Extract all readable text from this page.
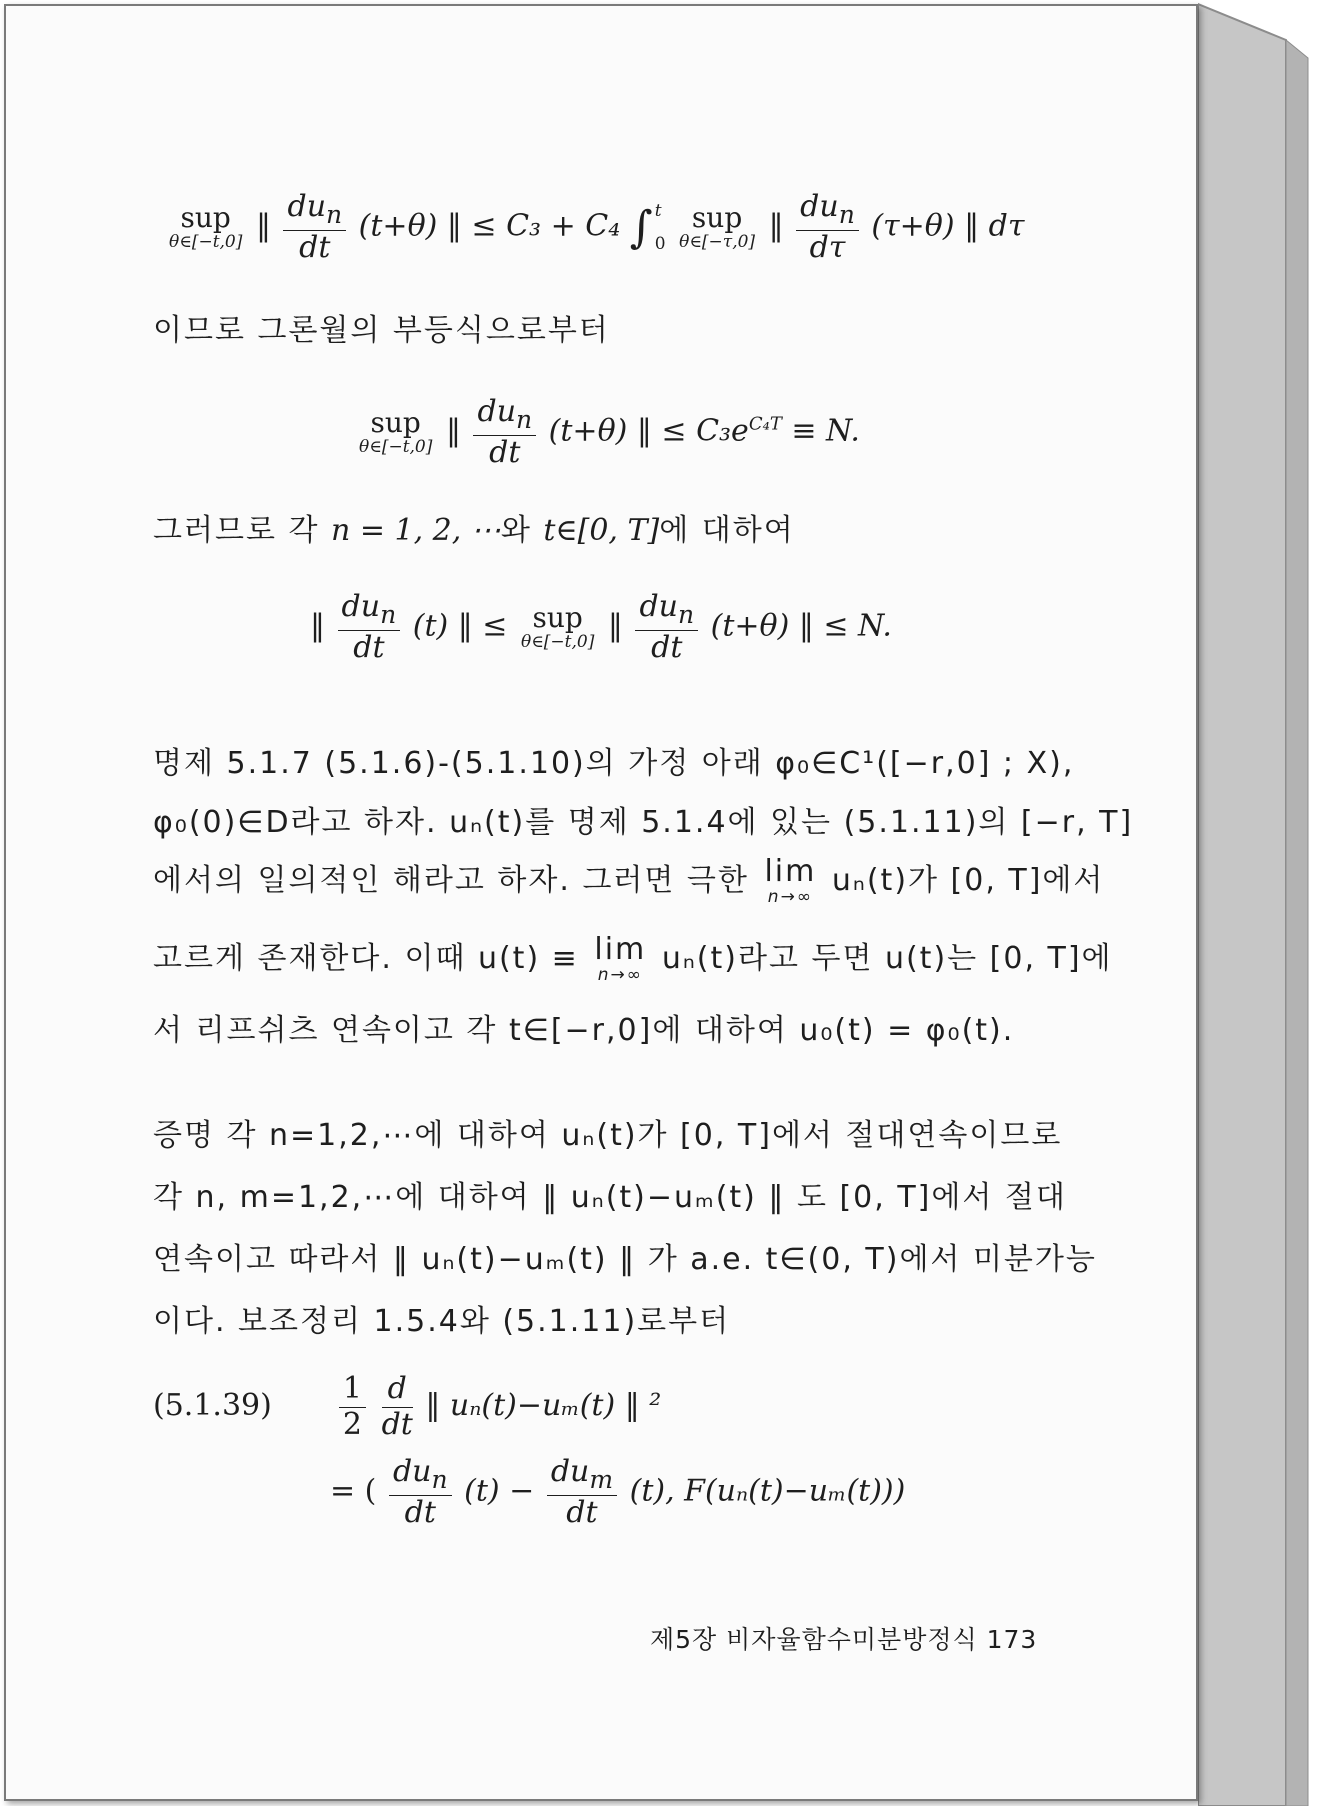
sup
θ∈[−t,0] ‖ $\frac{du_n}{dt} (t+\theta)$ ‖ ≤ C₃ + C₄ ∫ t
0

sup
θ∈[−τ,0] ‖ $\frac{du_n}{d\tau} (\tau+\theta)$ ‖ dτ
이므로 그론월의 부등식으로부터
sup
θ∈[−t,0] ‖ $\frac{du_n}{dt} (t+\theta)$ ‖ ≤ $C_3e^{C_4T} \equiv N$.
그러므로 각 n = 1, 2, ⋯와 t∈[0, T]에 대하여
‖ $\frac{du_n}{dt} (t)$ ‖ ≤ sup
θ∈[−t,0] ‖ $\frac{du_n}{dt} (t+\theta)$ ‖ ≤ N.
명제 5.1.7 (5.1.6)-(5.1.10)의 가정 아래 φ₀∈C¹([−r,0] ; X),
φ₀(0)∈D라고 하자. uₙ(t)를 명제 5.1.4에 있는 (5.1.11)의 [−r, T]
에서의 일의적인 해라고 하자. 그러면 극한 lim
n→∞ uₙ(t)가 [0, T]에서
고르게 존재한다. 이때 u(t) ≡ lim
n→∞ uₙ(t)라고 두면 u(t)는 [0, T]에
서 리프쉬츠 연속이고 각 t∈[−r,0]에 대하여 u₀(t) = φ₀(t).
증명 각 n=1,2,⋯에 대하여 uₙ(t)가 [0, T]에서 절대연속이므로
각 n, m=1,2,⋯에 대하여 ‖ uₙ(t)−uₘ(t) ‖ 도 [0, T]에서 절대
연속이고 따라서 ‖ uₙ(t)−uₘ(t) ‖ 가 a.e. t∈(0, T)에서 미분가능
이다. 보조정리 1.5.4와 (5.1.11)로부터
$(5.1.39) \frac{1}{2}$
$\frac{d}{dt}$ ‖ uₙ(t)−uₘ(t) ‖ ²
= ( $\frac{du_n}{dt} (t) - \frac{du_m}{dt} (t)$, F(uₙ(t)−uₘ(t)))
제5장 비자율함수미분방정식 173
